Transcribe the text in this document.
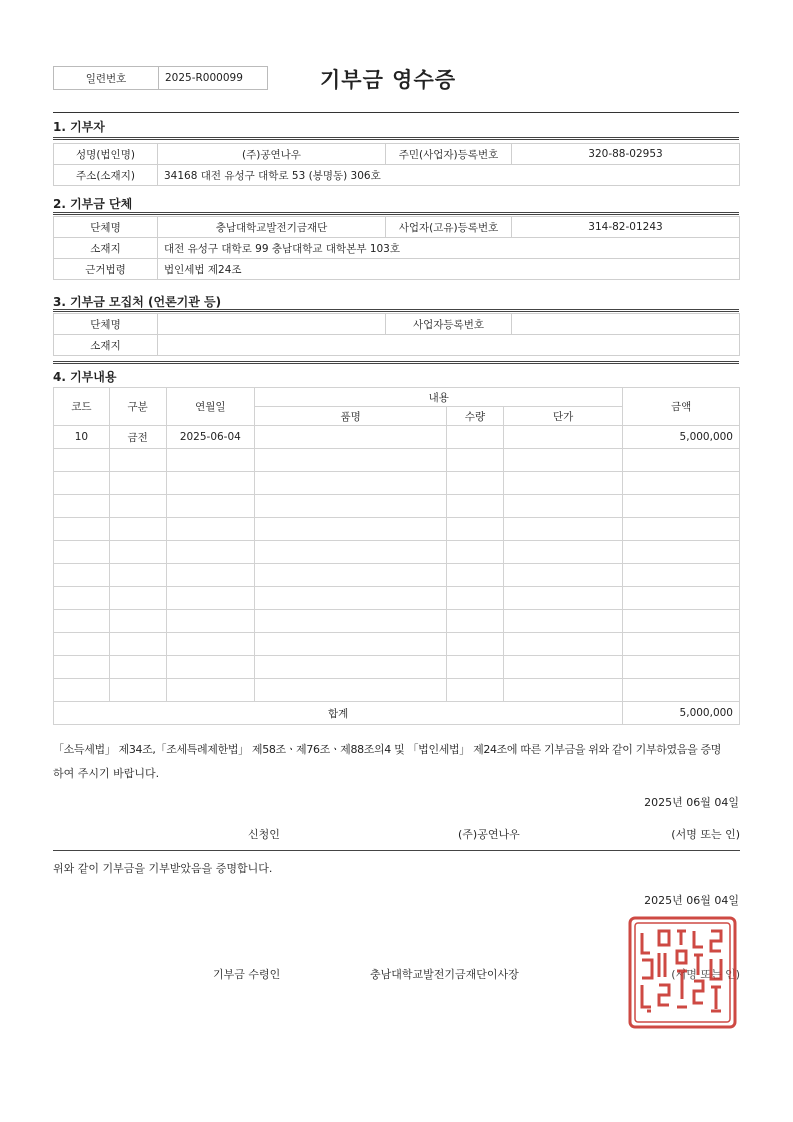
일련번호	2025-R000099	기부금 영수증
1. 기부자
성명(법인명)	(주)공연나우	주민(사업자)등록번호	320-88-02953
주소(소재지)	34168 대전 유성구 대학로 53 (봉명동) 306호		
2. 기부금 단체
단체명	충남대학교발전기금재단	사업자(고유)등록번호	314-82-01243
소재지	대전 유성구 대학로 99 충남대학교 대학본부 103호		
근거법령	법인세법 제24조		
3. 기부금 모집처 (언론기관 등)
단체명		사업자등록번호	
소재지			
4. 기부내용
코드	구분	연월일	내용			금액
			품명	수량	단가	
10	금전	2025-06-04				5,000,000

합계						5,000,000
「소득세법」 제34조,「조세특례제한법」 제58조ㆍ제76조ㆍ제88조의4 및 「법인세법」 제24조에 따른 기부금을 위와 같이 기부하였음을 증명
하여 주시기 바랍니다.
2025년 06월 04일
신청인	(주)공연나우	(서명 또는 인)
위와 같이 기부금을 기부받았음을 증명합니다.
2025년 06월 04일
기부금 수령인	충남대학교발전기금재단이사장	(서명 또는 인)
